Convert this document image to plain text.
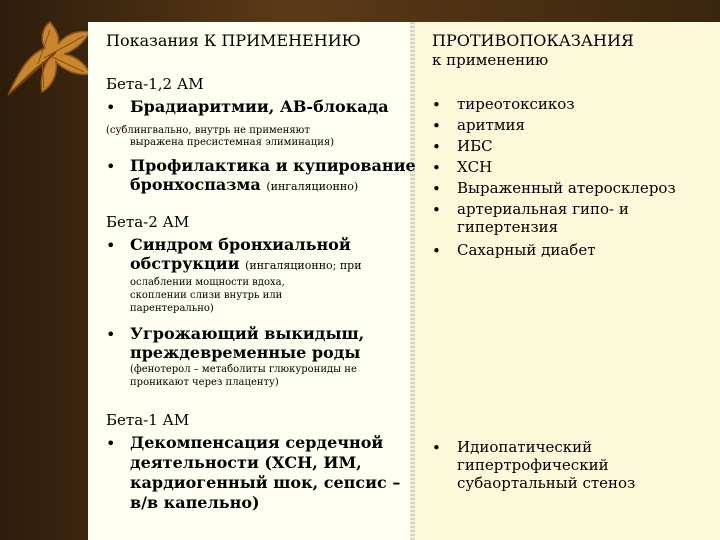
Показания К ПРИМЕНЕНИЮ
Бета-1,2 АМ
• Брадиаритмии, АВ-блокада
(сублингвально, внутрь не применяют
выражена пресистемная элиминация)
• Профилактика и купирование
бронхоспазма (ингаляционно)
Бета-2 АМ
• Синдром бронхиальной
обструкции (ингаляционно; при
ослаблении мощности вдоха,
скоплении слизи внутрь или
парентерально)
• Угрожающий выкидыш,
преждевременные роды
(фенотерол – метаболиты глюкурониды не
проникают через плаценту)
Бета-1 АМ
• Декомпенсация сердечной
деятельности (ХСН, ИМ,
кардиогенный шок, сепсис –
в/в капельно)
ПРОТИВОПОКАЗАНИЯ
к применению
• тиреотоксикоз
• аритмия
• ИБС
• ХСН
• Выраженный атеросклероз
• артериальная гипо- и
гипертензия
• Сахарный диабет
• Идиопатический
гипертрофический
субаортальный стеноз
